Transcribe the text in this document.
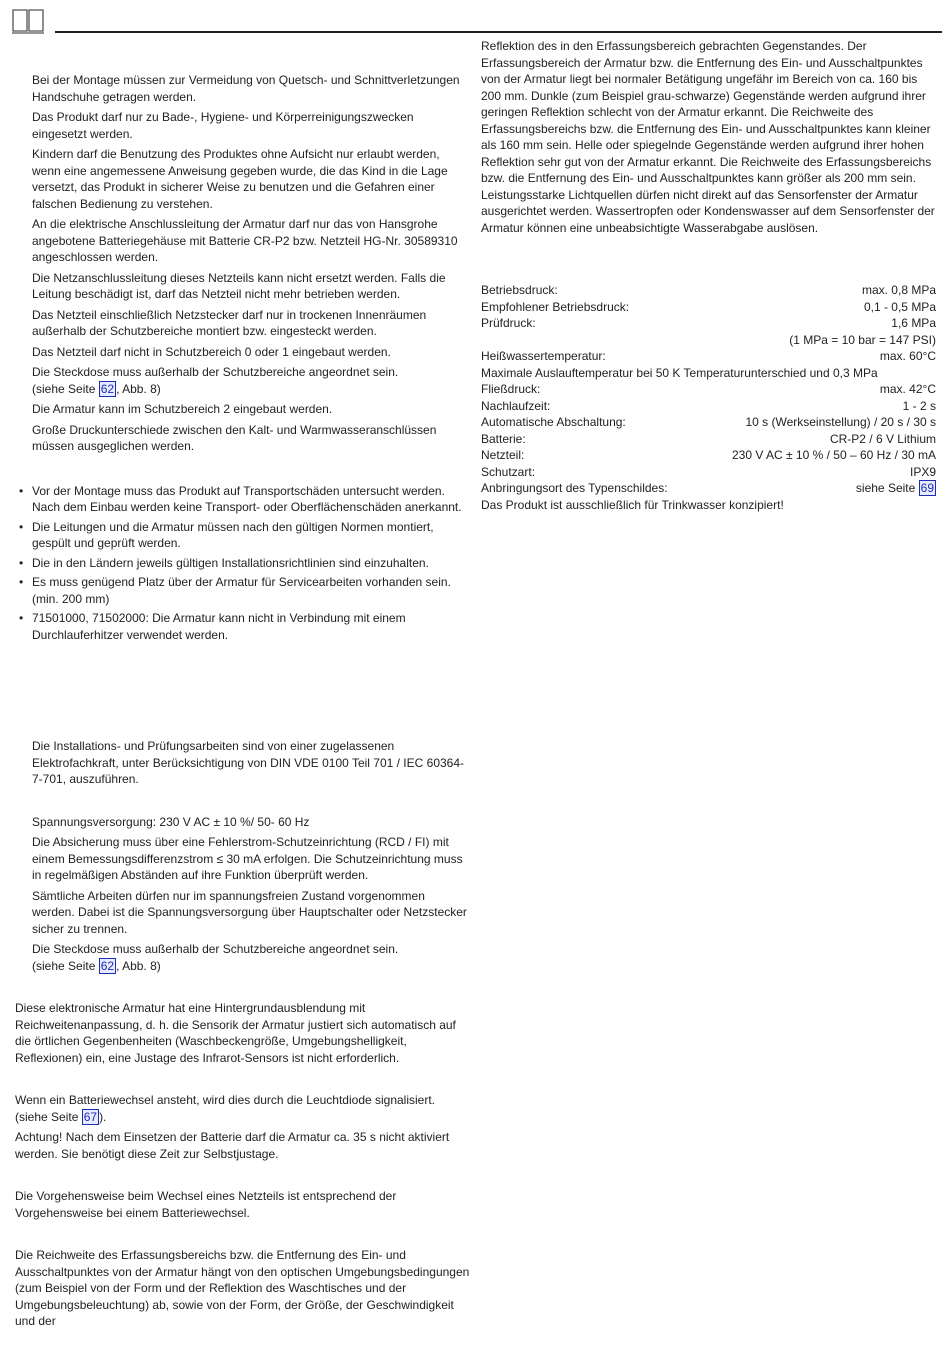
Bei der Montage müssen zur Vermeidung von Quetsch- und Schnittverletzungen Handschuhe getragen werden.

Das Produkt darf nur zu Bade-, Hygiene- und Körperreinigungszwecken eingesetzt werden.

Kindern darf die Benutzung des Produktes ohne Aufsicht nur erlaubt werden, wenn eine angemessene Anweisung gegeben wurde, die das Kind in die Lage versetzt, das Produkt in sicherer Weise zu benutzen und die Gefahren einer falschen Bedienung zu verstehen.

An die elektrische Anschlussleitung der Armatur darf nur das von Hansgrohe angebotene Batteriegehäuse mit Batterie CR-P2 bzw. Netzteil HG-Nr. 30589310 angeschlossen werden.

Die Netzanschlussleitung dieses Netzteils kann nicht ersetzt werden. Falls die Leitung beschädigt ist, darf das Netzteil nicht mehr betrieben werden.

Das Netzteil einschließlich Netzstecker darf nur in trockenen Innenräumen außerhalb der Schutzbereiche montiert bzw. eingesteckt werden.

Das Netzteil darf nicht in Schutzbereich 0 oder 1 eingebaut werden.

Die Steckdose muss außerhalb der Schutzbereiche angeordnet sein.
(siehe Seite 62 , Abb. 8)

Die Armatur kann im Schutzbereich 2 eingebaut werden.

Große Druckunterschiede zwischen den Kalt- und Warmwasseranschlüssen müssen ausgeglichen werden.

• Vor der Montage muss das Produkt auf Transportschäden untersucht werden. Nach dem Einbau werden keine Transport- oder Oberflächenschäden anerkannt.
• Die Leitungen und die Armatur müssen nach den gültigen Normen montiert, gespült und geprüft werden.
• Die in den Ländern jeweils gültigen Installationsrichtlinien sind einzuhalten.
• Es muss genügend Platz über der Armatur für Servicearbeiten vorhanden sein. (min. 200 mm)
• 71501000, 71502000: Die Armatur kann nicht in Verbindung mit einem Durchlauferhitzer verwendet werden.

Die Installations- und Prüfungsarbeiten sind von einer zugelassenen Elektrofachkraft, unter Berücksichtigung von DIN VDE 0100 Teil 701 / IEC 60364-7-701, auszuführen.

Spannungsversorgung: 230 V AC ± 10 %/ 50- 60 Hz

Die Absicherung muss über eine Fehlerstrom-Schutzeinrichtung (RCD / FI) mit einem Bemessungsdifferenzstrom ≤ 30 mA erfolgen. Die Schutzeinrichtung muss in regelmäßigen Abständen auf ihre Funktion überprüft werden.

Sämtliche Arbeiten dürfen nur im spannungsfreien Zustand vorgenommen werden. Dabei ist die Spannungsversorgung über Hauptschalter oder Netzstecker sicher zu trennen.

Die Steckdose muss außerhalb der Schutzbereiche angeordnet sein.
(siehe Seite 62 , Abb. 8)

Diese elektronische Armatur hat eine Hintergrundausblendung mit Reichweitenanpassung, d. h. die Sensorik der Armatur justiert sich automatisch auf die örtlichen Gegenbenheiten (Waschbeckengröße, Umgebungshelligkeit, Reflexionen) ein, eine Justage des Infrarot-Sensors ist nicht erforderlich.

Wenn ein Batteriewechsel ansteht, wird dies durch die Leuchtdiode signalisiert.
(siehe Seite 67 ).

Achtung! Nach dem Einsetzen der Batterie darf die Armatur ca. 35 s nicht aktiviert werden. Sie benötigt diese Zeit zur Selbstjustage.

Die Vorgehensweise beim Wechsel eines Netzteils ist entsprechend der Vorgehensweise bei einem Batteriewechsel.

Die Reichweite des Erfassungsbereichs bzw. die Entfernung des Ein- und Ausschaltpunktes von der Armatur hängt von den optischen Umgebungsbedingungen (zum Beispiel von der Form und der Reflektion des Waschtisches und der Umgebungsbeleuchtung) ab, sowie von der Form, der Größe, der Geschwindigkeit und der

Reflektion des in den Erfassungsbereich gebrachten Gegenstandes. Der Erfassungsbereich der Armatur bzw. die Entfernung des Ein- und Ausschaltpunktes von der Armatur liegt bei normaler Betätigung ungefähr im Bereich von ca. 160 bis 200 mm. Dunkle (zum Beispiel grau-schwarze) Gegenstände werden aufgrund ihrer geringen Reflektion schlecht von der Armatur erkannt. Die Reichweite des Erfassungsbereichs bzw. die Entfernung des Ein- und Ausschaltpunktes kann kleiner als 160 mm sein. Helle oder spiegelnde Gegenstände werden aufgrund ihrer hohen Reflektion sehr gut von der Armatur erkannt. Die Reichweite des Erfassungsbereichs bzw. die Entfernung des Ein- und Ausschaltpunktes kann größer als 200 mm sein. Leistungsstarke Lichtquellen dürfen nicht direkt auf das Sensorfenster der Armatur ausgerichtet werden. Wassertropfen oder Kondenswasser auf dem Sensorfenster der Armatur können eine unbeabsichtigte Wasserabgabe auslösen.

Betriebsdruck:	max. 0,8 MPa
Empfohlener Betriebsdruck:	0,1 - 0,5 MPa
Prüfdruck:	1,6 MPa
(1 MPa = 10 bar = 147 PSI)
Heißwassertemperatur:	max. 60°C
Maximale Auslauftemperatur bei 50 K Temperaturunterschied und 0,3 MPa
Fließdruck:	max. 42°C
Nachlaufzeit:	1 - 2 s
Automatische Abschaltung:	10 s (Werkseinstellung) / 20 s / 30 s
Batterie:	CR-P2 / 6 V Lithium
Netzteil:	230 V AC ± 10 % / 50 – 60 Hz / 30 mA
Schutzart:	IPX9
Anbringungsort des Typenschildes:	siehe Seite 69

Das Produkt ist ausschließlich für Trinkwasser konzipiert!
